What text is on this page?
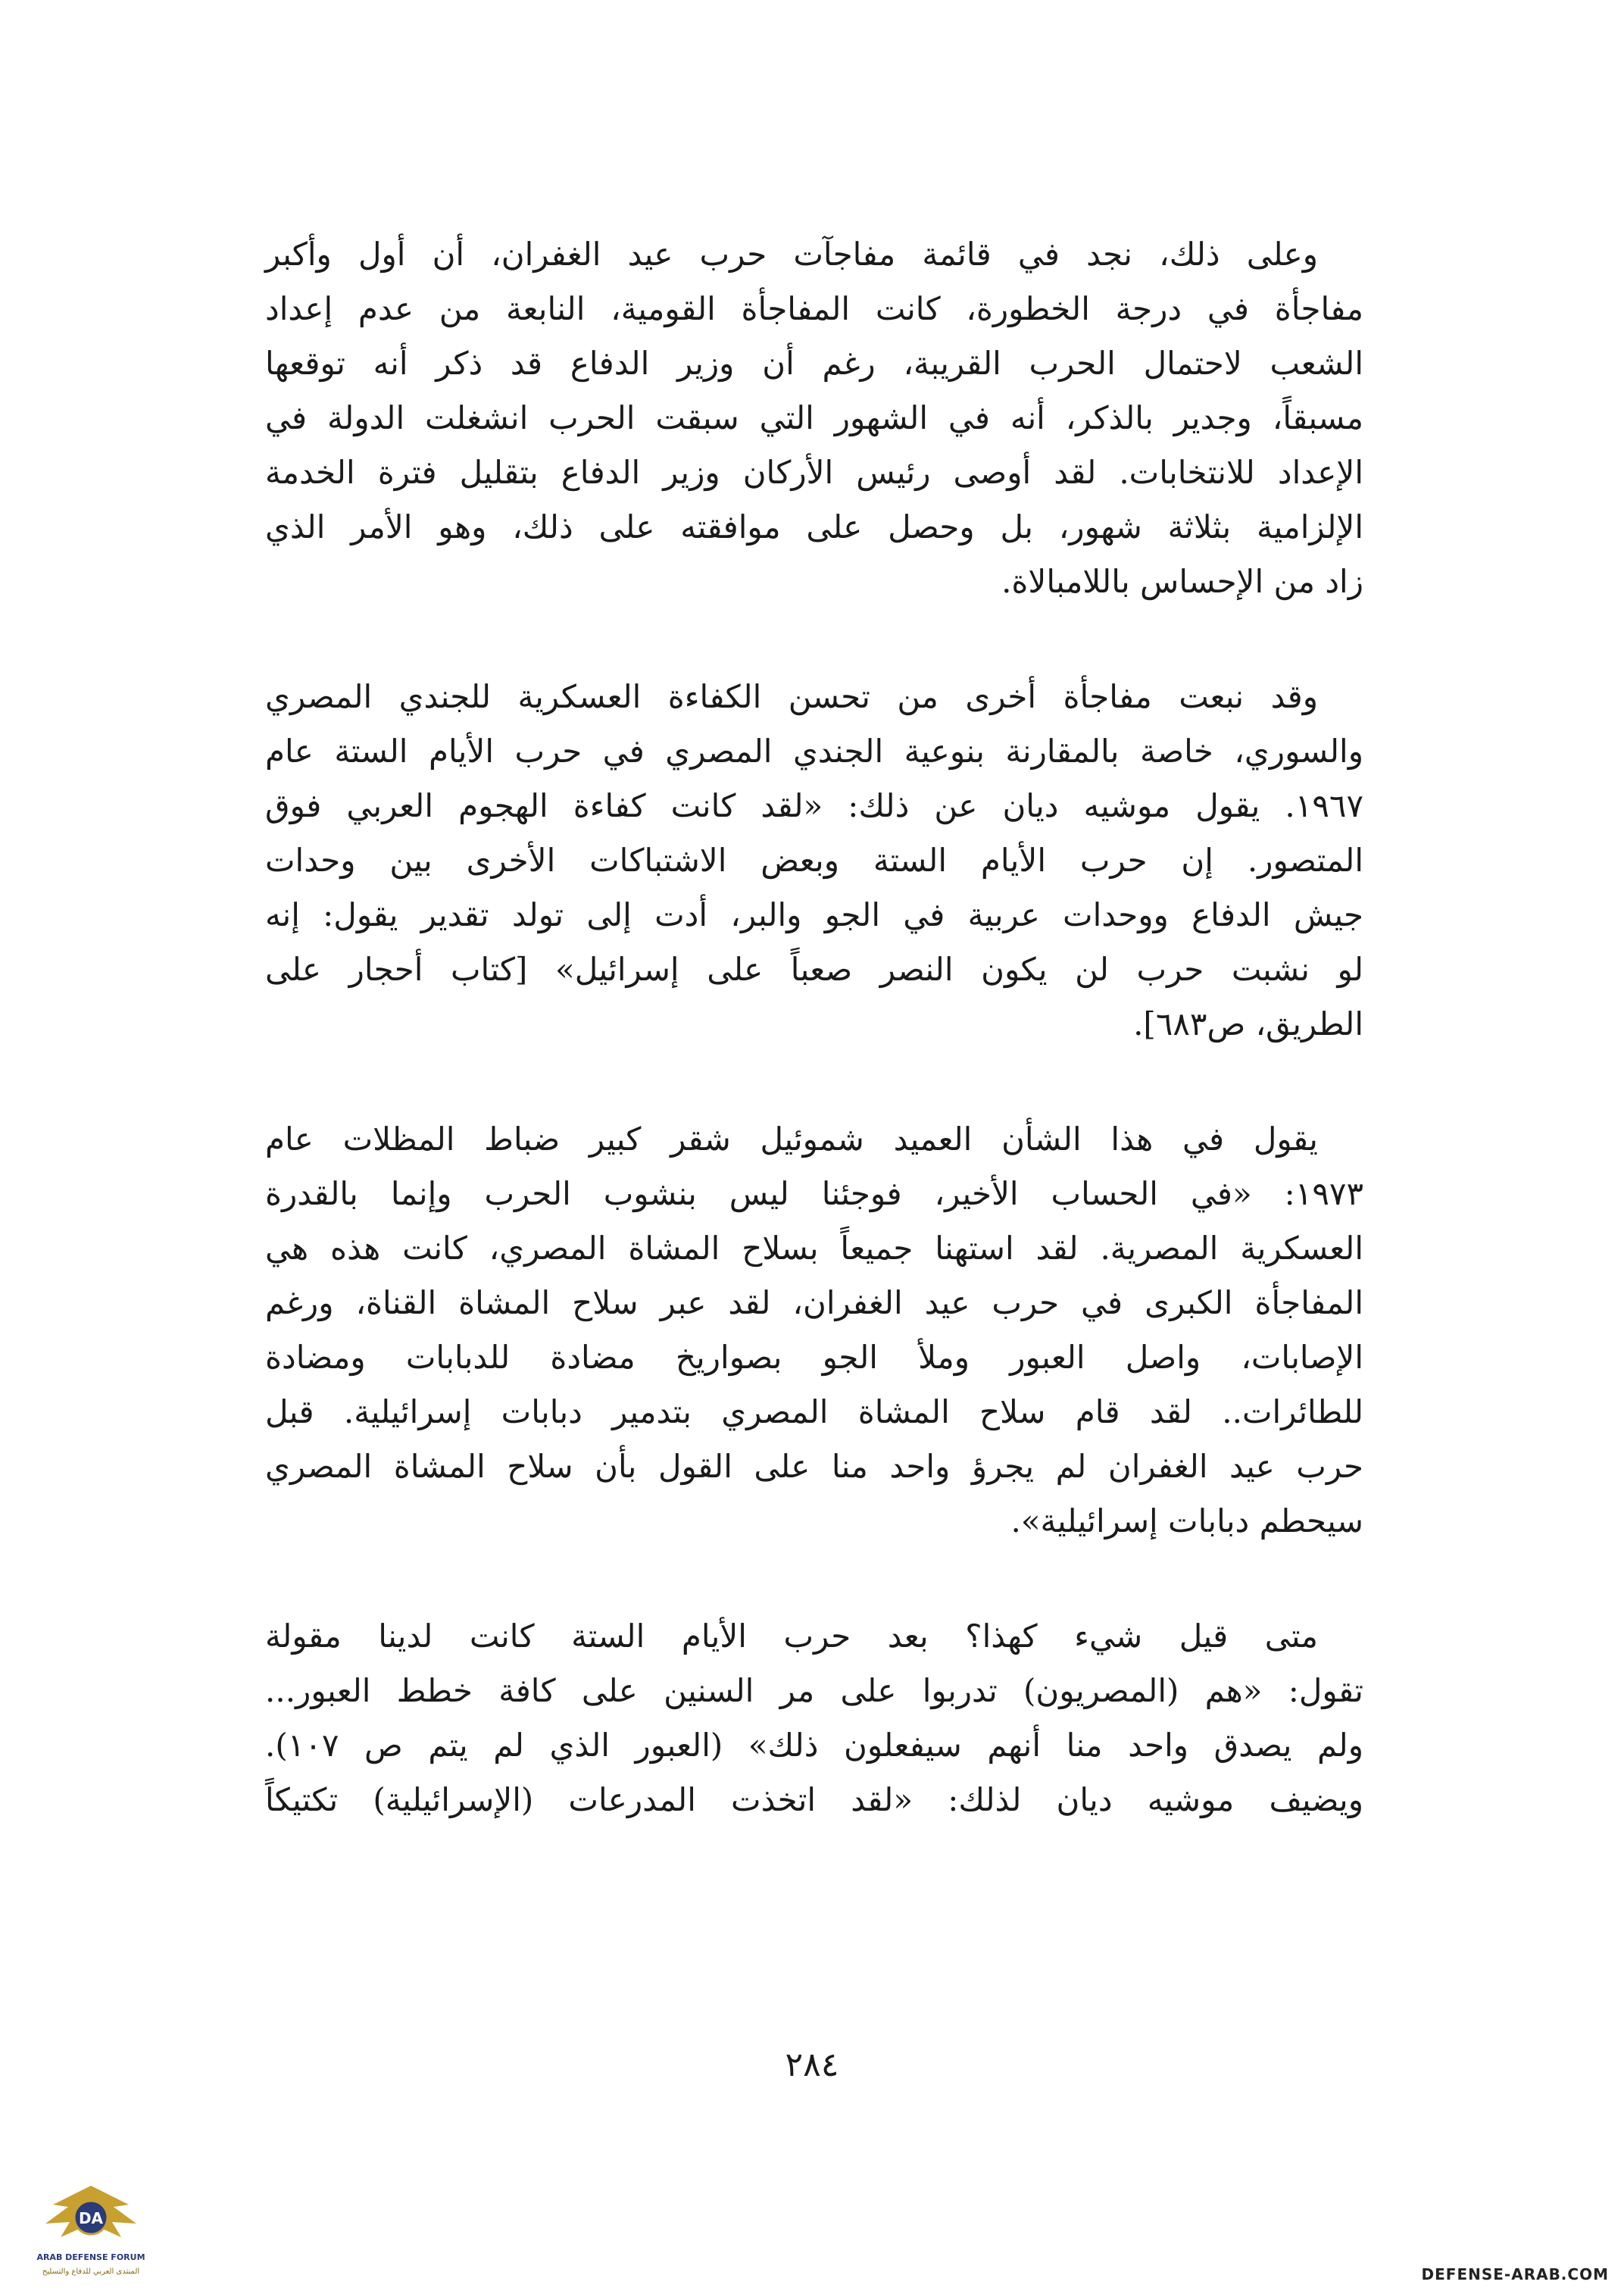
وعلى ذلك، نجد في قائمة مفاجآت حرب عيد الغفران، أن أول وأكبر
مفاجأة في درجة الخطورة، كانت المفاجأة القومية، النابعة من عدم إعداد
الشعب لاحتمال الحرب القريبة، رغم أن وزير الدفاع قد ذكر أنه توقعها
مسبقاً، وجدير بالذكر، أنه في الشهور التي سبقت الحرب انشغلت الدولة في
الإعداد للانتخابات. لقد أوصى رئيس الأركان وزير الدفاع بتقليل فترة الخدمة
الإلزامية بثلاثة شهور، بل وحصل على موافقته على ذلك، وهو الأمر الذي
زاد من الإحساس باللامبالاة.

وقد نبعت مفاجأة أخرى من تحسن الكفاءة العسكرية للجندي المصري
والسوري، خاصة بالمقارنة بنوعية الجندي المصري في حرب الأيام الستة عام
١٩٦٧. يقول موشيه ديان عن ذلك: «لقد كانت كفاءة الهجوم العربي فوق
المتصور. إن حرب الأيام الستة وبعض الاشتباكات الأخرى بين وحدات
جيش الدفاع ووحدات عربية في الجو والبر، أدت إلى تولد تقدير يقول: إنه
لو نشبت حرب لن يكون النصر صعباً على إسرائيل» [كتاب أحجار على
الطريق، ص٦٨٣].

يقول في هذا الشأن العميد شموئيل شقر كبير ضباط المظلات عام
١٩٧٣: «في الحساب الأخير، فوجئنا ليس بنشوب الحرب وإنما بالقدرة
العسكرية المصرية. لقد استهنا جميعاً بسلاح المشاة المصري، كانت هذه هي
المفاجأة الكبرى في حرب عيد الغفران، لقد عبر سلاح المشاة القناة، ورغم
الإصابات، واصل العبور وملأ الجو بصواريخ مضادة للدبابات ومضادة
للطائرات.. لقد قام سلاح المشاة المصري بتدمير دبابات إسرائيلية. قبل
حرب عيد الغفران لم يجرؤ واحد منا على القول بأن سلاح المشاة المصري
سيحطم دبابات إسرائيلية».

متى قيل شيء كهذا؟ بعد حرب الأيام الستة كانت لدينا مقولة
تقول: «هم (المصريون) تدربوا على مر السنين على كافة خطط العبور...
ولم يصدق واحد منا أنهم سيفعلون ذلك» (العبور الذي لم يتم ص ١٠٧).
ويضيف موشيه ديان لذلك: «لقد اتخذت المدرعات (الإسرائيلية) تكتيكاً

٢٨٤
DA
ARAB DEFENSE FORUM
المنتدى العربي للدفاع والتسليح	DEFENSE-ARAB.COM
